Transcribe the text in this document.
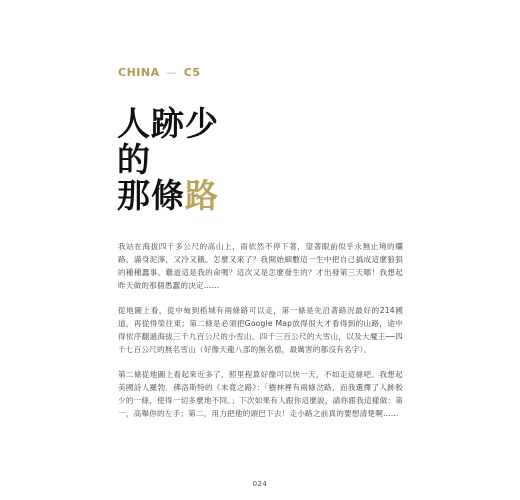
CHINA — C5
人跡少
的
那條路

我站在海拔四千多公尺的高山上，雨依然不停下著，望著眼前似乎永無止境的爛路，滿身泥濘，又冷又餓。怎麼又來了？我開始細數這一生中把自己搞成這麼狼狽的種種蠢事。難道這是我的命嗎？這次又是怎麼發生的？才出發第三天哪！我想起昨天做的那個愚蠢的決定……

從地圖上看，從中甸到稻城有兩條路可以走，第一條是先沿著路況最好的214國道，再從得榮往東；第二條是必須把Google Map放得很大才看得到的山路，途中得依序翻過海拔三千九百公尺的小雪山、四千三百公尺的大雪山，以及大魔王──四千七百公尺的無名雪山（好像天龍八部的無名僧，最厲害的都沒有名字）。

第二條從地圖上看起來近多了，照里程算好像可以快一天，不如走這條吧。我想起美國詩人羅勃．佛洛斯特的《未竟之路》：「樹林裡有兩條岔路，而我選擇了人跡較少的一條，使得一切多麼地不同。」下次如果有人跟你這麼說，請你跟我這樣做：第一，高舉你的左手；第二，用力把他的頭巴下去！走小路之前真的要想清楚啊……

024
